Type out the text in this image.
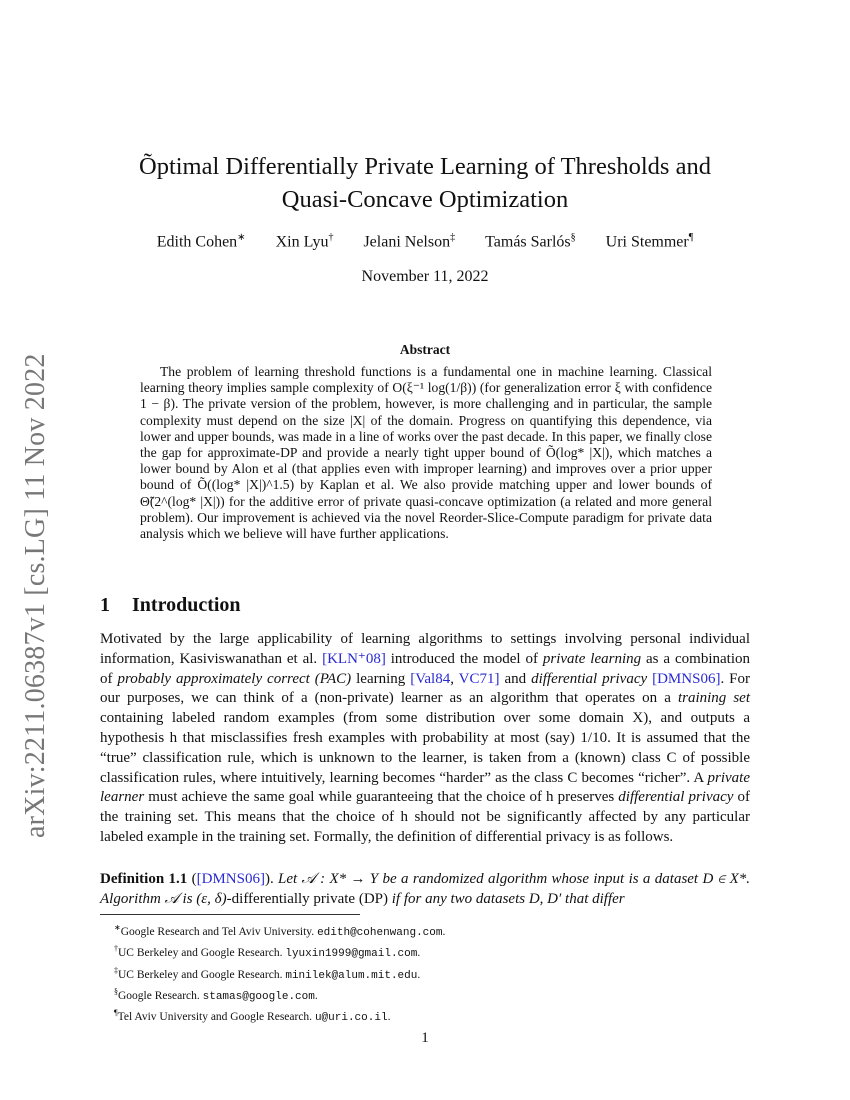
arXiv:2211.06387v1 [cs.LG] 11 Nov 2022
Õptimal Differentially Private Learning of Thresholds and
Quasi-Concave Optimization
Edith Cohen∗ Xin Lyu† Jelani Nelson‡ Tamás Sarlós§ Uri Stemmer¶
November 11, 2022
Abstract

The problem of learning threshold functions is a fundamental one in machine learning. Classical learning theory implies sample complexity of O(ξ⁻¹ log(1/β)) (for generalization error ξ with confidence 1 − β). The private version of the problem, however, is more challenging and in particular, the sample complexity must depend on the size |X| of the domain. Progress on quantifying this dependence, via lower and upper bounds, was made in a line of works over the past decade. In this paper, we finally close the gap for approximate-DP and provide a nearly tight upper bound of Õ(log* |X|), which matches a lower bound by Alon et al (that applies even with improper learning) and improves over a prior upper bound of Õ((log* |X|)^1.5) by Kaplan et al. We also provide matching upper and lower bounds of Θ̃(2^(log* |X|)) for the additive error of private quasi-concave optimization (a related and more general problem). Our improvement is achieved via the novel Reorder-Slice-Compute paradigm for private data analysis which we believe will have further applications.

1 Introduction

Motivated by the large applicability of learning algorithms to settings involving personal individual information, Kasiviswanathan et al. [KLN⁺08] introduced the model of private learning as a combination of probably approximately correct (PAC) learning [Val84, VC71] and differential privacy [DMNS06]. For our purposes, we can think of a (non-private) learner as an algorithm that operates on a training set containing labeled random examples (from some distribution over some domain X), and outputs a hypothesis h that misclassifies fresh examples with probability at most (say) 1/10. It is assumed that the “true” classification rule, which is unknown to the learner, is taken from a (known) class C of possible classification rules, where intuitively, learning becomes “harder” as the class C becomes “richer”. A private learner must achieve the same goal while guaranteeing that the choice of h preserves differential privacy of the training set. This means that the choice of h should not be significantly affected by any particular labeled example in the training set. Formally, the definition of differential privacy is as follows.

Definition 1.1 ([DMNS06]). Let 𝒜 : X* → Y be a randomized algorithm whose input is a dataset D ∈ X*. Algorithm 𝒜 is (ε, δ)-differentially private (DP) if for any two datasets D, D′ that differ

∗Google Research and Tel Aviv University. edith@cohenwang.com.
†UC Berkeley and Google Research. lyuxin1999@gmail.com.
‡UC Berkeley and Google Research. minilek@alum.mit.edu.
§Google Research. stamas@google.com.
¶Tel Aviv University and Google Research. u@uri.co.il.
1
